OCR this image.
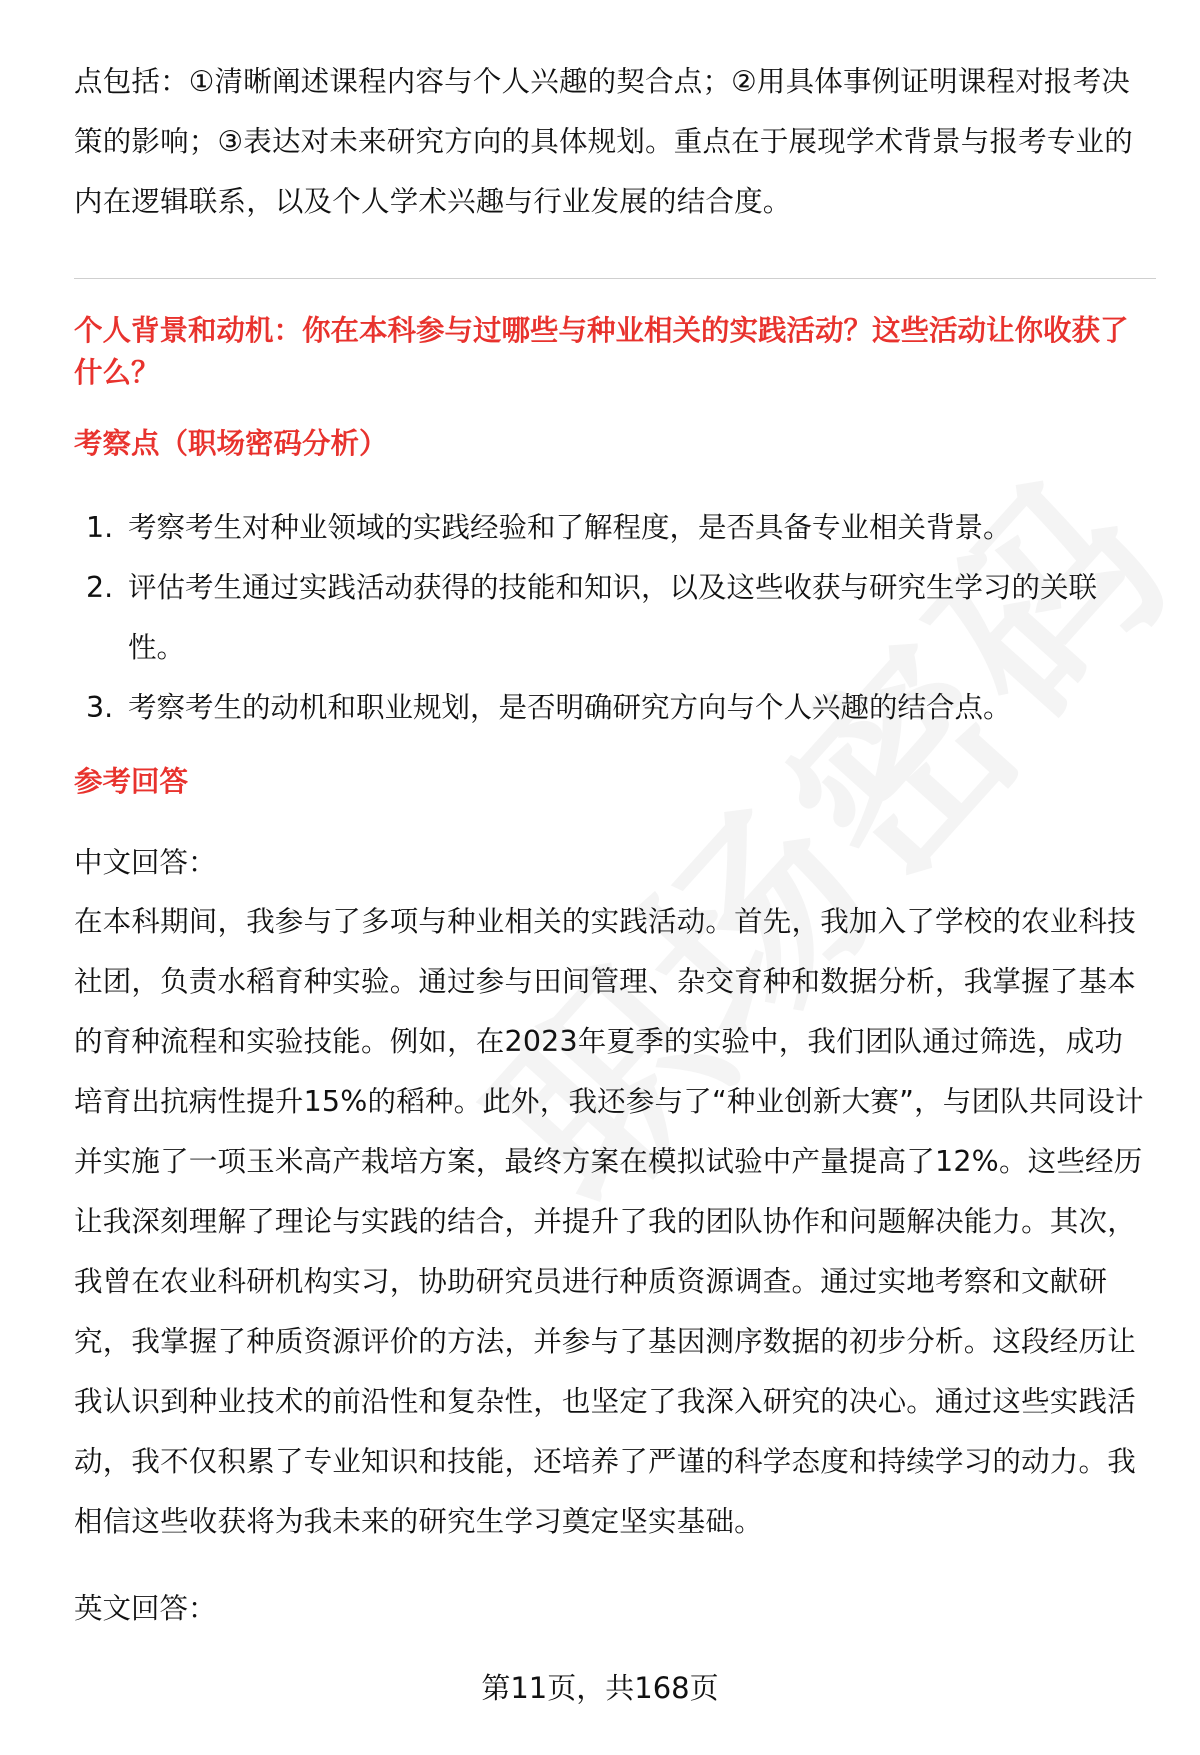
点包括：①清晰阐述课程内容与个人兴趣的契合点；②用具体事例证明课程对报考决策的影响；③表达对未来研究方向的具体规划。重点在于展现学术背景与报考专业的内在逻辑联系，以及个人学术兴趣与行业发展的结合度。

个人背景和动机：你在本科参与过哪些与种业相关的实践活动？这些活动让你收获了什么？

考察点（职场密码分析）

1. 考察考生对种业领域的实践经验和了解程度，是否具备专业相关背景。
2. 评估考生通过实践活动获得的技能和知识，以及这些收获与研究生学习的关联性。
3. 考察考生的动机和职业规划，是否明确研究方向与个人兴趣的结合点。

参考回答

中文回答：

在本科期间，我参与了多项与种业相关的实践活动。首先，我加入了学校的农业科技社团，负责水稻育种实验。通过参与田间管理、杂交育种和数据分析，我掌握了基本的育种流程和实验技能。例如，在2023年夏季的实验中，我们团队通过筛选，成功培育出抗病性提升15%的稻种。此外，我还参与了“种业创新大赛”，与团队共同设计并实施了一项玉米高产栽培方案，最终方案在模拟试验中产量提高了12%。这些经历让我深刻理解了理论与实践的结合，并提升了我的团队协作和问题解决能力。其次，我曾在农业科研机构实习，协助研究员进行种质资源调查。通过实地考察和文献研究，我掌握了种质资源评价的方法，并参与了基因测序数据的初步分析。这段经历让我认识到种业技术的前沿性和复杂性，也坚定了我深入研究的决心。通过这些实践活动，我不仅积累了专业知识和技能，还培养了严谨的科学态度和持续学习的动力。我相信这些收获将为我未来的研究生学习奠定坚实基础。

英文回答：

第11页，共168页
